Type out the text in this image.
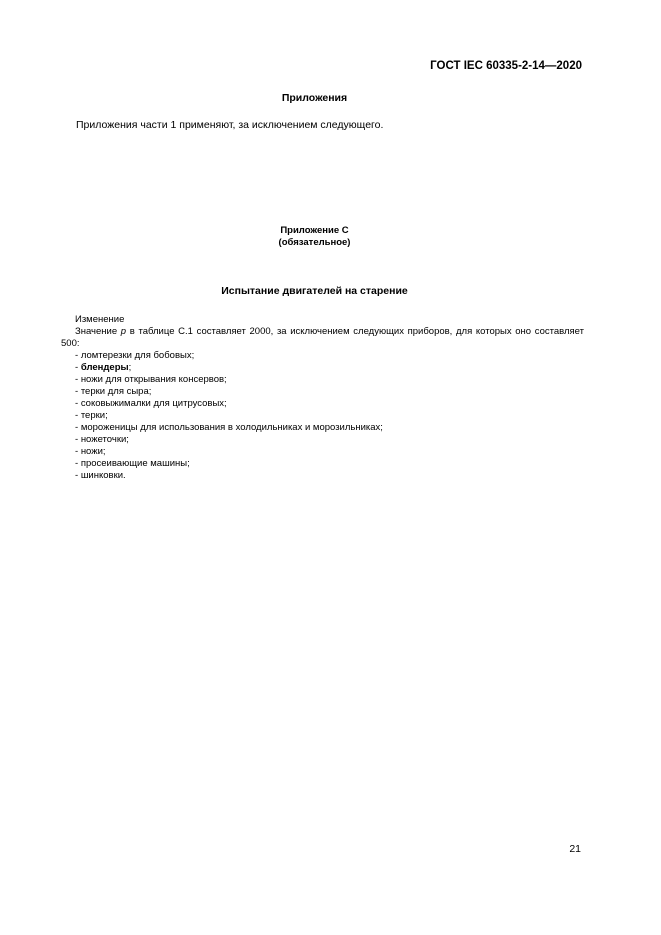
ГОСТ IEC 60335-2-14—2020
Приложения
Приложения части 1 применяют, за исключением следующего.
Приложение С
(обязательное)
Испытание двигателей на старение
Изменение
Значение p в таблице С.1 составляет 2000, за исключением следующих приборов, для которых оно составляет 500:
- ломтерезки для бобовых;
- блендеры;
- ножи для открывания консервов;
- терки для сыра;
- соковыжималки для цитрусовых;
- терки;
- мороженицы для использования в холодильниках и морозильниках;
- ножеточки;
- ножи;
- просеивающие машины;
- шинковки.
21
